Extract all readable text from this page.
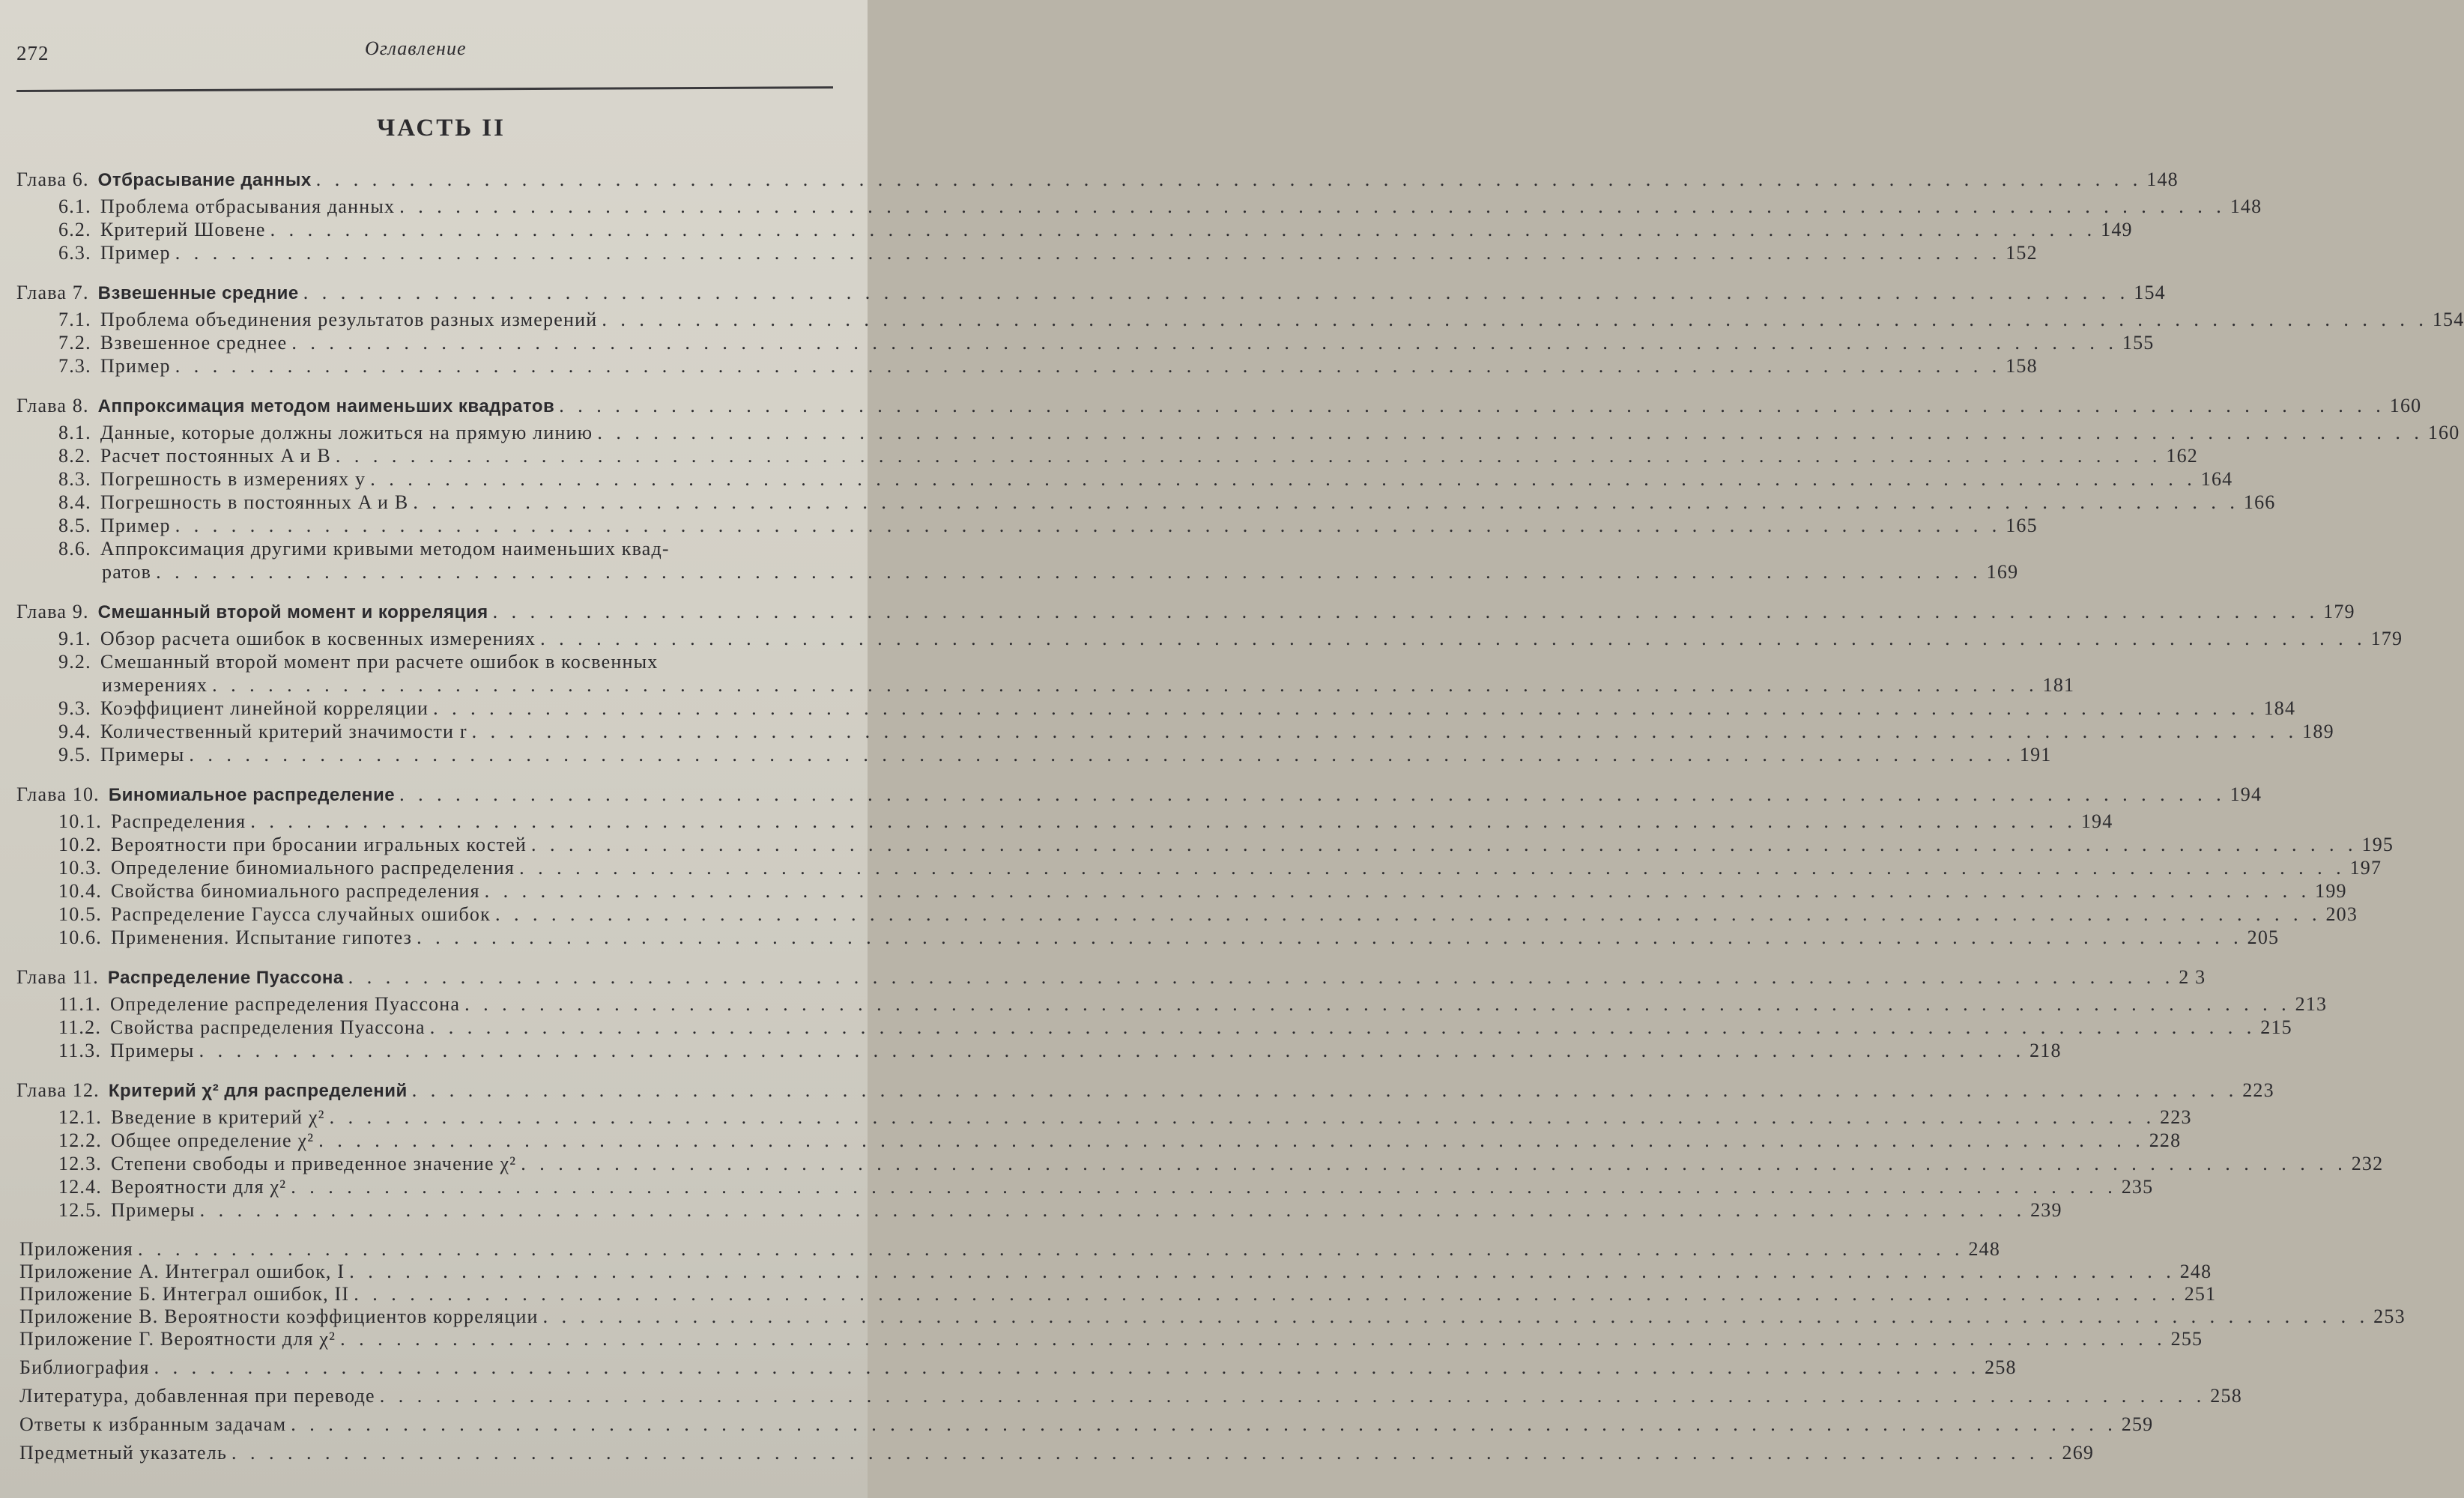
272	Оглавление
ЧАСТЬ II
Глава 6. Отбрасывание данных . . .	148
6.1. Проблема отбрасывания данных . . .	148
6.2. Критерий Шовене . . .	149
6.3. Пример . . .	152
Глава 7. Взвешенные средние . . .	154
7.1. Проблема объединения результатов разных измерений . . .	154
7.2. Взвешенное среднее . . .	155
7.3. Пример . . .	158
Глава 8. Аппроксимация методом наименьших квадратов . . .	160
8.1. Данные, которые должны ложиться на прямую линию . . .	160
8.2. Расчет постоянных A и B . . .	162
8.3. Погрешность в измерениях y . . .	164
8.4. Погрешность в постоянных A и B . . .	166
8.5. Пример . . .	165
8.6. Аппроксимация другими кривыми методом наименьших квад-
ратов . . .	169
Глава 9. Смешанный второй момент и корреляция . . .	179
9.1. Обзор расчета ошибок в косвенных измерениях . . .	179
9.2. Смешанный второй момент при расчете ошибок в косвенных
измерениях . . .	181
9.3. Коэффициент линейной корреляции . . .	184
9.4. Количественный критерий значимости r . . .	189
9.5. Примеры . . .	191
Глава 10. Биномиальное распределение . . .	194
10.1. Распределения . . .	194
10.2. Вероятности при бросании игральных костей . . .	195
10.3. Определение биномиального распределения . . .	197
10.4. Свойства биномиального распределения . . .	199
10.5. Распределение Гаусса случайных ошибок . . .	203
10.6. Применения. Испытание гипотез . . .	205
Глава 11. Распределение Пуассона . . .	2 3
11.1. Определение распределения Пуассона . . .	213
11.2. Свойства распределения Пуассона . . .	215
11.3. Примеры . . .	218
Глава 12. Критерий χ² для распределений . . .	223
12.1. Введение в критерий χ² . . .	223
12.2. Общее определение χ² . . .	228
12.3. Степени свободы и приведенное значение χ² . . .	232
12.4. Вероятности для χ² . . .	235
12.5. Примеры . . .	239
Приложения . . .	248
Приложение А. Интеграл ошибок, I . . .	248
Приложение Б. Интеграл ошибок, II . . .	251
Приложение В. Вероятности коэффициентов корреляции . . .	253
Приложение Г. Вероятности для χ² . . .	255
Библиография . . .	258
Литература, добавленная при переводе . . .	258
Ответы к избранным задачам . . .	259
Предметный указатель . . .	269
